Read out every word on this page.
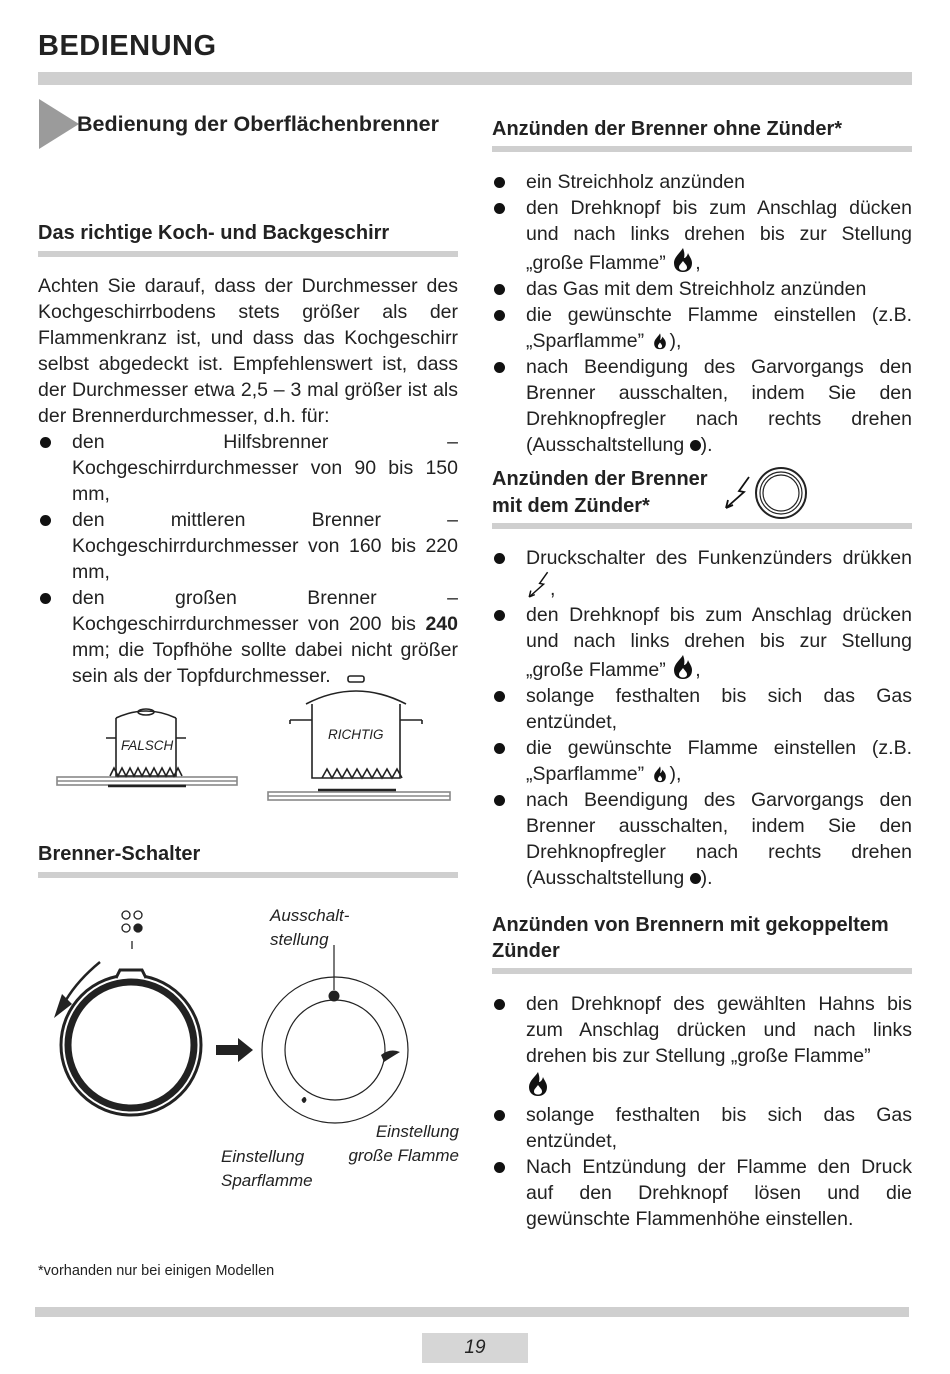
BEDIENUNG
Bedienung der Oberflächenbrenner
Das richtige Koch- und Backgeschirr
Achten Sie darauf, dass der Durchmesser des Kochgeschirrbodens stets größer als der Flammenkranz ist, und dass das Kochgeschirr selbst abgedeckt ist. Empfehlenswert ist, dass der Durchmesser etwa 2,5 – 3 mal größer ist als der Brennerdurchmesser, d.h. für:
den Hilfsbrenner – Kochgeschirrdurchmesser von 90 bis 150 mm,
den mittleren Brenner – Kochgeschirrdurchmesser von 160 bis 220 mm,
den großen Brenner – Kochgeschirrdurchmesser von 200 bis 240 mm; die Topfhöhe sollte dabei nicht größer sein als der Topfdurchmesser.
FALSCH
RICHTIG
Brenner-Schalter
Ausschalt-
stellung
Einstellung
große Flamme
Einstellung
Sparflamme
*vorhanden nur bei einigen Modellen
Anzünden der Brenner ohne Zünder*
ein Streichholz anzünden
den Drehknopf bis zum Anschlag dücken und nach links drehen bis zur Stellung „große Flamme” ,
das Gas mit dem Streichholz anzünden
die gewünschte Flamme einstellen (z.B. „Sparflamme” ),
nach Beendigung des Garvorgangs den Brenner ausschalten, indem Sie den Drehknopfregler nach rechts drehen (Ausschaltstellung ).
Anzünden der Brenner
mit dem Zünder*
Druckschalter des Funkenzünders drükken ,
den Drehknopf bis zum Anschlag drücken und nach links drehen bis zur Stellung „große Flamme” ,
solange festhalten bis sich das Gas entzündet,
die gewünschte Flamme einstellen (z.B. „Sparflamme” ),
nach Beendigung des Garvorgangs den Brenner ausschalten, indem Sie den Drehknopfregler nach rechts drehen (Ausschaltstellung ).
Anzünden von Brennern mit gekoppeltem Zünder
den Drehknopf des gewählten Hahns bis zum Anschlag drücken und nach links drehen bis zur Stellung „große Flamme”

solange festhalten bis sich das Gas entzündet,
Nach Entzündung der Flamme den Druck auf den Drehknopf lösen und die gewünschte Flammenhöhe einstellen.
19
